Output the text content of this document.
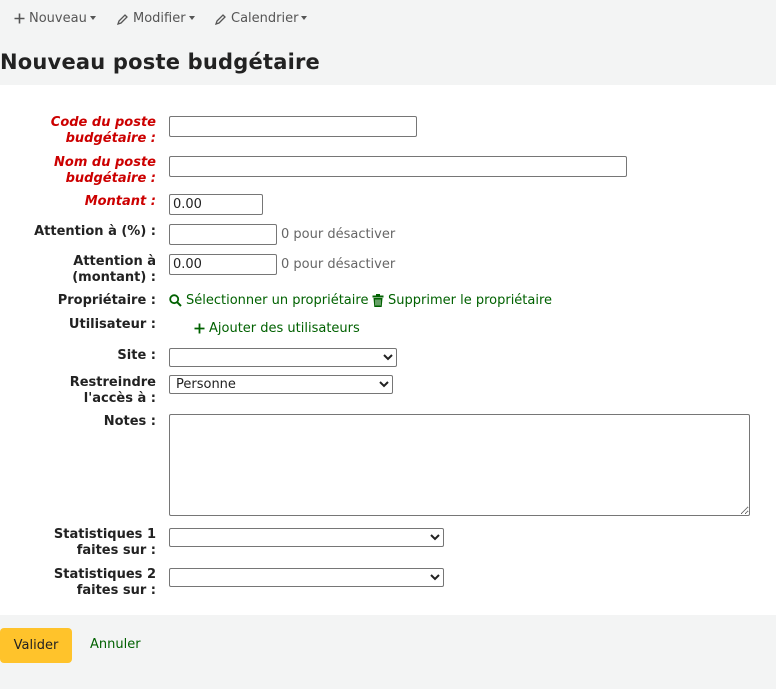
Nouveau	Modifier	Calendrier
Nouveau poste budgétaire
Code du poste
budgétaire :
Nom du poste
budgétaire :
Montant :
0.00
Attention à (%) :	0 pour désactiver
Attention à
(montant) :
0.00
0 pour désactiver
Propriétaire : Sélectionner un propriétaire Supprimer le propriétaire
Utilisateur :	Ajouter des utilisateurs
Site :
Restreindre
l'accès à :
Personne
Notes :
Statistiques 1
faites sur :
Statistiques 2
faites sur :
Valider	Annuler
